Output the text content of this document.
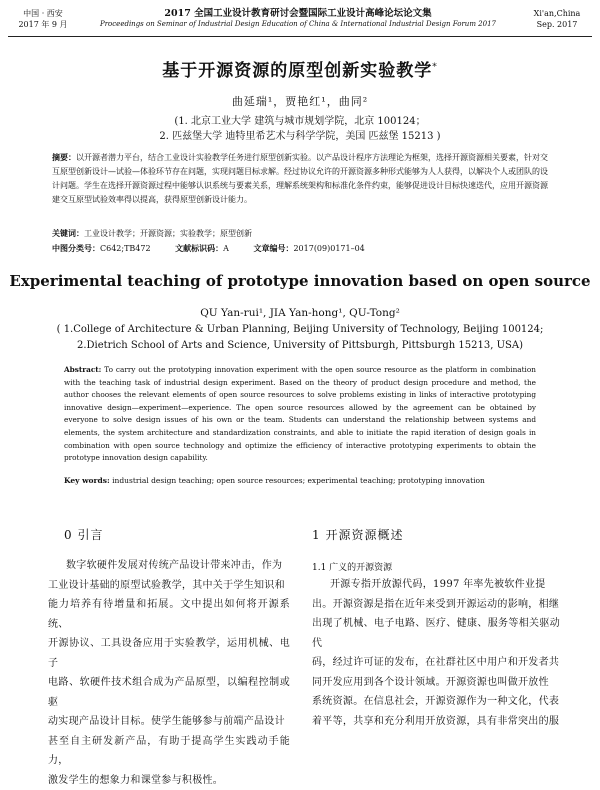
中国 · 西安
2017 年 9 月
2017 全国工业设计教育研讨会暨国际工业设计高峰论坛论文集
Proceedings on Seminar of Industrial Design Education of China & International Industrial Design Forum 2017
Xi'an,China
Sep. 2017
基于开源资源的原型创新实验教学*
曲延瑞¹，贾艳红¹，曲同²
(1. 北京工业大学 建筑与城市规划学院，北京 100124；
2. 匹兹堡大学 迪特里希艺术与科学学院，美国 匹兹堡 15213 )
摘要：以开源者潜力平台，结合工业设计实验教学任务进行原型创新实验。以产品设计程序方法理论为框架，选择开源资源相关要素，针对交互原型创新设计—试验—体验环节存在问题，实现问题目标求解。经过协议允许的开源资源多种形式能够为人人获得，以解决个人或团队的设计问题。学生在选择开源资源过程中能够认识系统与要素关系，理解系统架构和标准化条件约束，能够促进设计目标快速迭代，应用开源资源建交互原型试验效率得以提高，获得原型创新设计能力。
关键词：工业设计教学；开源资源；实验教学；原型创新
中图分类号：C642;TB472	文献标识码：A	文章编号：2017(09)0171–04
Experimental teaching of prototype innovation based on open source
QU Yan-rui¹, JIA Yan-hong¹, QU-Tong²
( 1.College of Architecture & Urban Planning, Beijing University of Technology, Beijing 100124;
2.Dietrich School of Arts and Science, University of Pittsburgh, Pittsburgh 15213, USA)
Abstract: To carry out the prototyping innovation experiment with the open source resource as the platform in combination with the teaching task of industrial design experiment. Based on the theory of product design procedure and method, the author chooses the relevant elements of open source resources to solve problems existing in links of interactive prototyping innovative design—experiment—experience. The open source resources allowed by the agreement can be obtained by everyone to solve design issues of his own or the team. Students can understand the relationship between systems and elements, the system architecture and standardization constraints, and able to initiate the rapid iteration of design goals in combination with open source technology and optimize the efficiency of interactive prototyping experiments to obtain the prototype innovation design capability.
Key words: industrial design teaching; open source resources; experimental teaching; prototyping innovation
0 引言	1 开源资源概述
1.1 广义的开源资源
数字软硬件发展对传统产品设计带来冲击，作为
工业设计基础的原型试验教学，其中关于学生知识和
能力培养有待增量和拓展。文中提出如何将开源系统、
开源协议、工具设备应用于实验教学，运用机械、电子
电路、软硬件技术组合成为产品原型，以编程控制或驱
动实现产品设计目标。使学生能够参与前端产品设计
甚至自主研发新产品，有助于提高学生实践动手能力，
激发学生的想象力和课堂参与积极性。
开源专指开放源代码，1997 年率先被软件业提
出。开源资源是指在近年来受到开源运动的影响，相继
出现了机械、电子电路、医疗、健康、服务等相关驱动代
码，经过许可证的发布，在社群社区中用户和开发者共
同开发应用到各个设计领域。开源资源也叫做开放性
系统资源。在信息社会，开源资源作为一种文化，代表
着平等，共享和充分利用开放资源，具有非常突出的服
